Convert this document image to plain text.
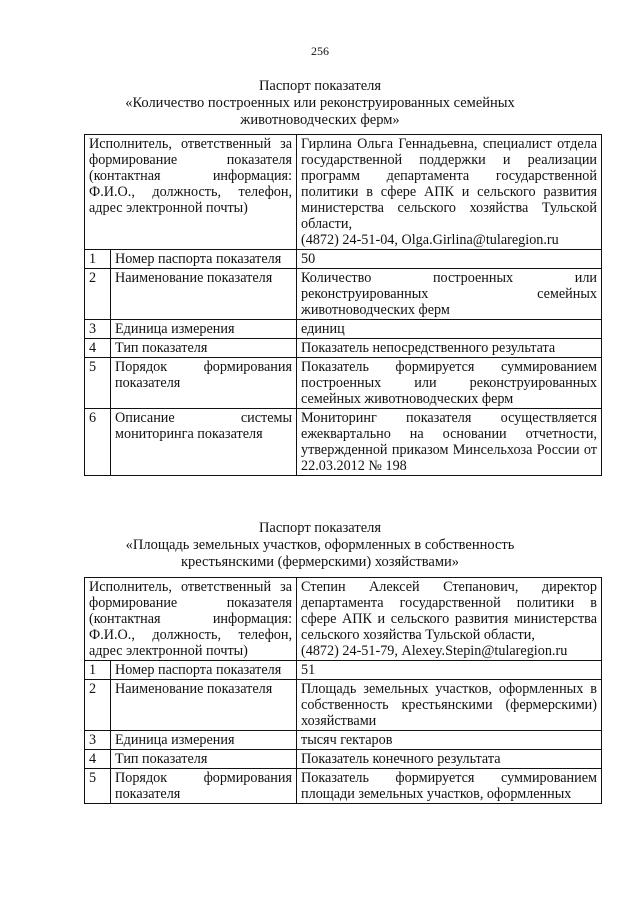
256
Паспорт показателя
«Количество построенных или реконструированных семейных
животноводческих ферм»
Исполнитель, ответственный за формирование показателя (контактная информация: Ф.И.О., должность, телефон, адрес электронной почты)		Гирлина Ольга Геннадьевна, специалист отдела государственной поддержки и реализации программ департамента государственной политики в сфере АПК и сельского развития министерства сельского хозяйства Тульской области,
(4872) 24-51-04, Olga.Girlina@tularegion.ru
1	Номер паспорта показателя	50
2	Наименование показателя	Количество построенных или реконструированных семейных животноводческих ферм
3	Единица измерения	единиц
4	Тип показателя	Показатель непосредственного результата
5	Порядок формирования показателя	Показатель формируется суммированием построенных или реконструированных семейных животноводческих ферм
6	Описание системы мониторинга показателя	Мониторинг показателя осуществляется ежеквартально на основании отчетности, утвержденной приказом Минсельхоза России от 22.03.2012 № 198
Паспорт показателя
«Площадь земельных участков, оформленных в собственность
крестьянскими (фермерскими) хозяйствами»
Исполнитель, ответственный за формирование показателя (контактная информация: Ф.И.О., должность, телефон, адрес электронной почты)		Степин Алексей Степанович, директор департамента государственной политики в сфере АПК и сельского развития министерства сельского хозяйства Тульской области,
(4872) 24-51-79, Alexey.Stepin@tularegion.ru
1	Номер паспорта показателя	51
2	Наименование показателя	Площадь земельных участков, оформленных в собственность крестьянскими (фермерскими) хозяйствами
3	Единица измерения	тысяч гектаров
4	Тип показателя	Показатель конечного результата
5	Порядок формирования показателя	Показатель формируется суммированием площади земельных участков, оформленных
